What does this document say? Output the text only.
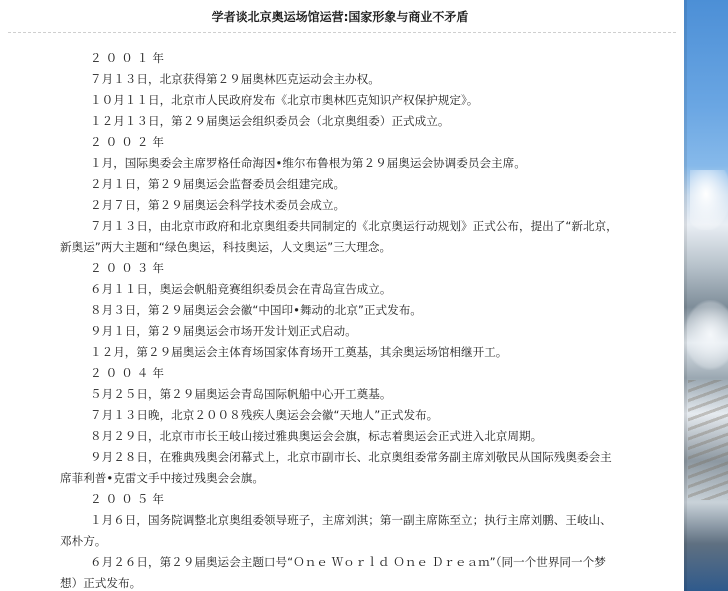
学者谈北京奥运场馆运营:国家形象与商业不矛盾

２００１年

７月１３日，北京获得第２９届奥林匹克运动会主办权。

１０月１１日，北京市人民政府发布《北京市奥林匹克知识产权保护规定》。

１２月１３日，第２９届奥运会组织委员会（北京奥组委）正式成立。

２００２年

１月，国际奥委会主席罗格任命海因•维尔布鲁根为第２９届奥运会协调委员会主席。

２月１日，第２９届奥运会监督委员会组建完成。

２月７日，第２９届奥运会科学技术委员会成立。

７月１３日，由北京市政府和北京奥组委共同制定的《北京奥运行动规划》正式公布，提出了“新北京，新奥运”两大主题和“绿色奥运，科技奥运，人文奥运”三大理念。

２００３年

６月１１日，奥运会帆船竞赛组织委员会在青岛宣告成立。

８月３日，第２９届奥运会会徽“中国印•舞动的北京”正式发布。

９月１日，第２９届奥运会市场开发计划正式启动。

１２月，第２９届奥运会主体育场国家体育场开工奠基，其余奥运场馆相继开工。

２００４年

５月２５日，第２９届奥运会青岛国际帆船中心开工奠基。

７月１３日晚，北京２００８残疾人奥运会会徽“天地人”正式发布。

８月２９日，北京市市长王岐山接过雅典奥运会会旗，标志着奥运会正式进入北京周期。

９月２８日，在雅典残奥会闭幕式上，北京市副市长、北京奥组委常务副主席刘敬民从国际残奥委会主席菲利普•克雷文手中接过残奥会会旗。

２００５年

１月６日，国务院调整北京奥组委领导班子，主席刘淇；第一副主席陈至立；执行主席刘鹏、王岐山、邓朴方。

６月２６日，第２９届奥运会主题口号“Ｏｎｅ Ｗｏｒｌｄ Ｏｎｅ Ｄｒｅａｍ”（同一个世界同一个梦想）正式发布。
